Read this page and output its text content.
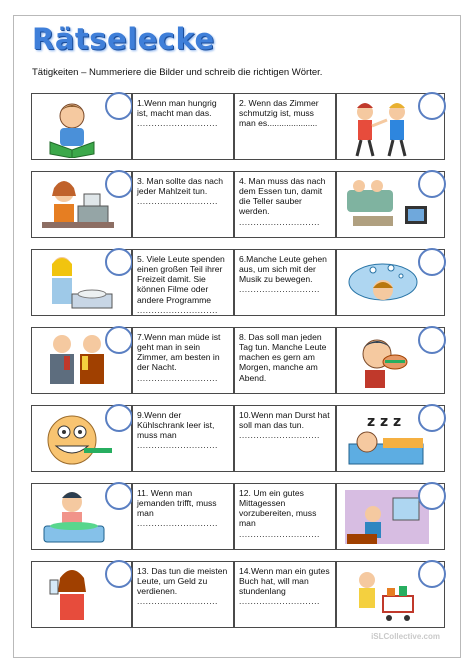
Rätselecke
Tätigkeiten – Nummeriere die Bilder und schreib die richtigen Wörter.
1.Wenn man hungrig ist, macht man das.
............................
2. Wenn das Zimmer schmutzig ist, muss man es.....................
3. Man sollte das nach jeder Mahlzeit tun.
............................
4. Man muss das nach dem Essen tun, damit die Teller sauber werden.
............................
5. Viele Leute spenden einen großen Teil ihrer Freizeit damit. Sie können Filme oder andere Programme
............................
6.Manche Leute gehen aus, um sich mit der Musik zu bewegen.
............................
7.Wenn man müde ist geht man in sein Zimmer, am besten in der Nacht.
............................
8. Das soll man jeden Tag tun. Manche Leute machen es gern am Morgen, manche am Abend.
9.Wenn der Kühlschrank leer ist, muss man
............................
10.Wenn man Durst hat soll man das tun.
............................
z z z
11. Wenn man jemanden trifft, muss man
............................
12. Um ein gutes Mittagessen vorzubereiten, muss man
............................
13. Das tun die meisten Leute, um Geld zu verdienen.
............................
14.Wenn man ein gutes Buch hat, will man stundenlang
............................
iSLCollective.com
